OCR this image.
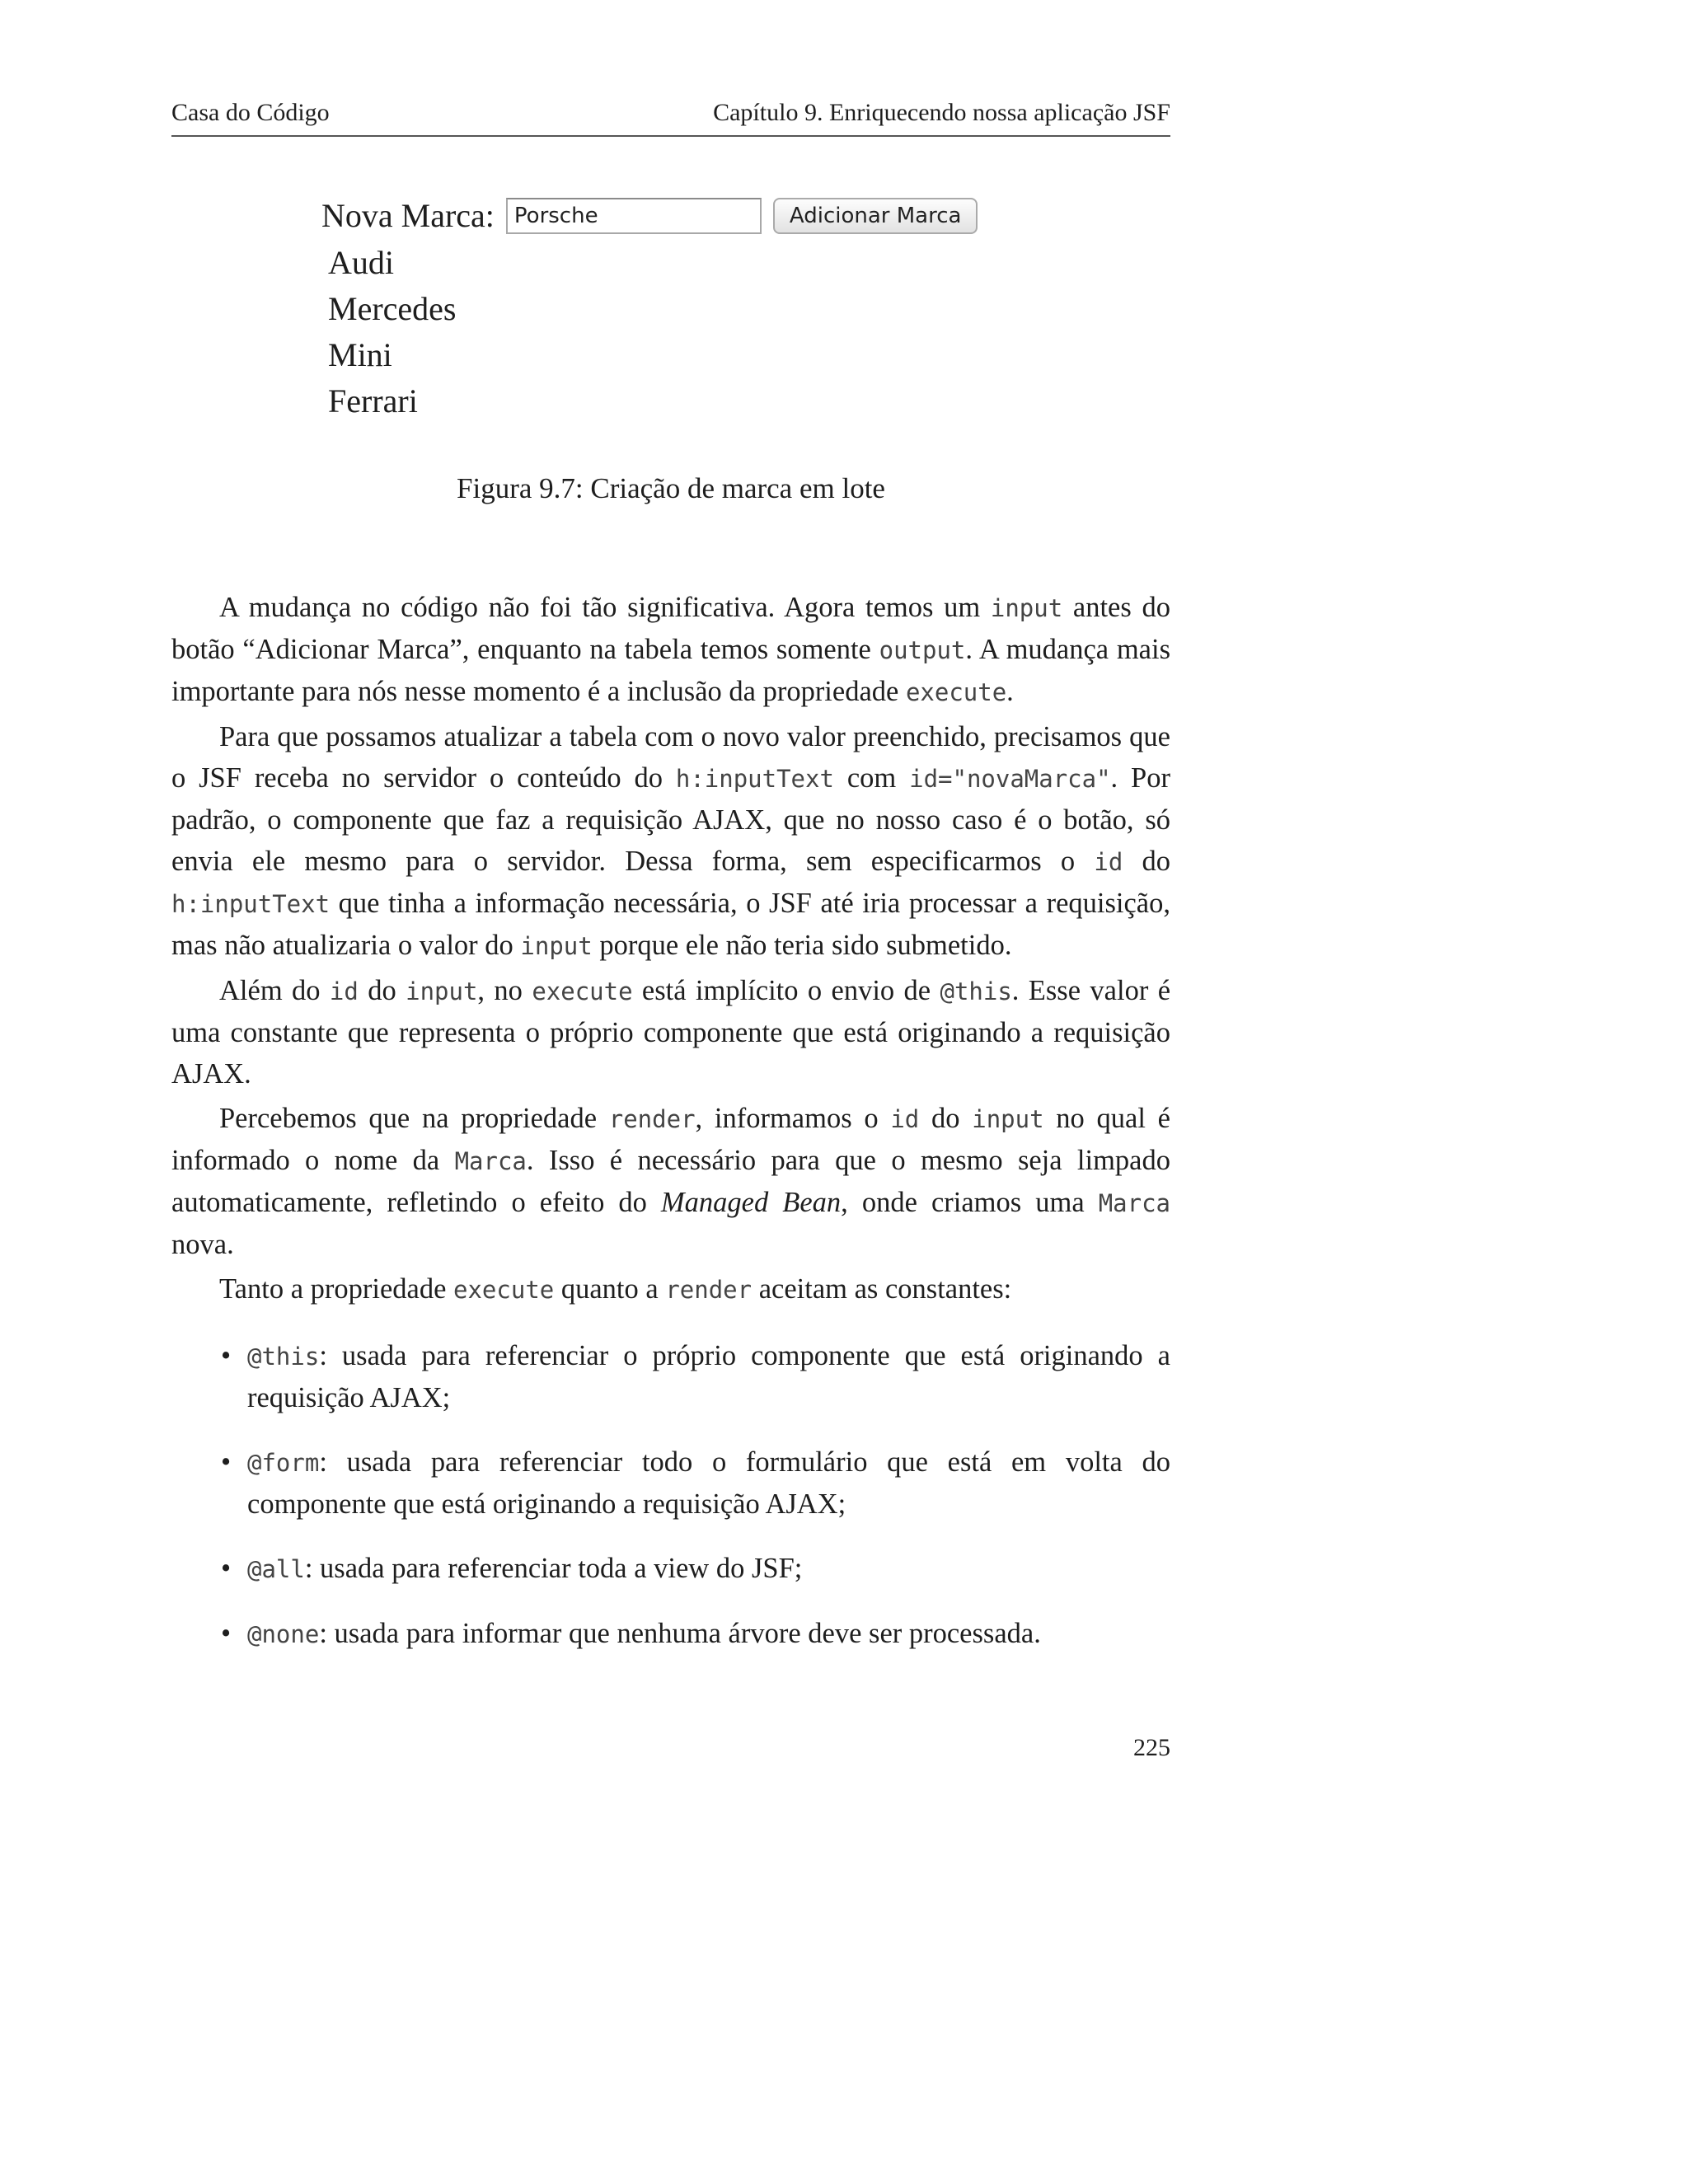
Casa do Código	Capítulo 9. Enriquecendo nossa aplicação JSF
Nova Marca: Porsche	Adicionar Marca
Audi
Mercedes
Mini
Ferrari
Figura 9.7: Criação de marca em lote

A mudança no código não foi tão significativa. Agora temos um input antes do botão “Adicionar Marca”, enquanto na tabela temos somente output. A mudança mais importante para nós nesse momento é a inclusão da propriedade execute.

Para que possamos atualizar a tabela com o novo valor preenchido, precisamos que o JSF receba no servidor o conteúdo do h:inputText com id="novaMarca". Por padrão, o componente que faz a requisição AJAX, que no nosso caso é o botão, só envia ele mesmo para o servidor. Dessa forma, sem especificarmos o id do h:inputText que tinha a informação necessária, o JSF até iria processar a requisição, mas não atualizaria o valor do input porque ele não teria sido submetido.

Além do id do input, no execute está implícito o envio de @this. Esse valor é uma constante que representa o próprio componente que está originando a requisição AJAX.

Percebemos que na propriedade render, informamos o id do input no qual é informado o nome da Marca. Isso é necessário para que o mesmo seja limpado automaticamente, refletindo o efeito do Managed Bean, onde criamos uma Marca nova.

Tanto a propriedade execute quanto a render aceitam as constantes:

• @this: usada para referenciar o próprio componente que está originando a requisição AJAX;
• @form: usada para referenciar todo o formulário que está em volta do componente que está originando a requisição AJAX;
• @all: usada para referenciar toda a view do JSF;
• @none: usada para informar que nenhuma árvore deve ser processada.
225
